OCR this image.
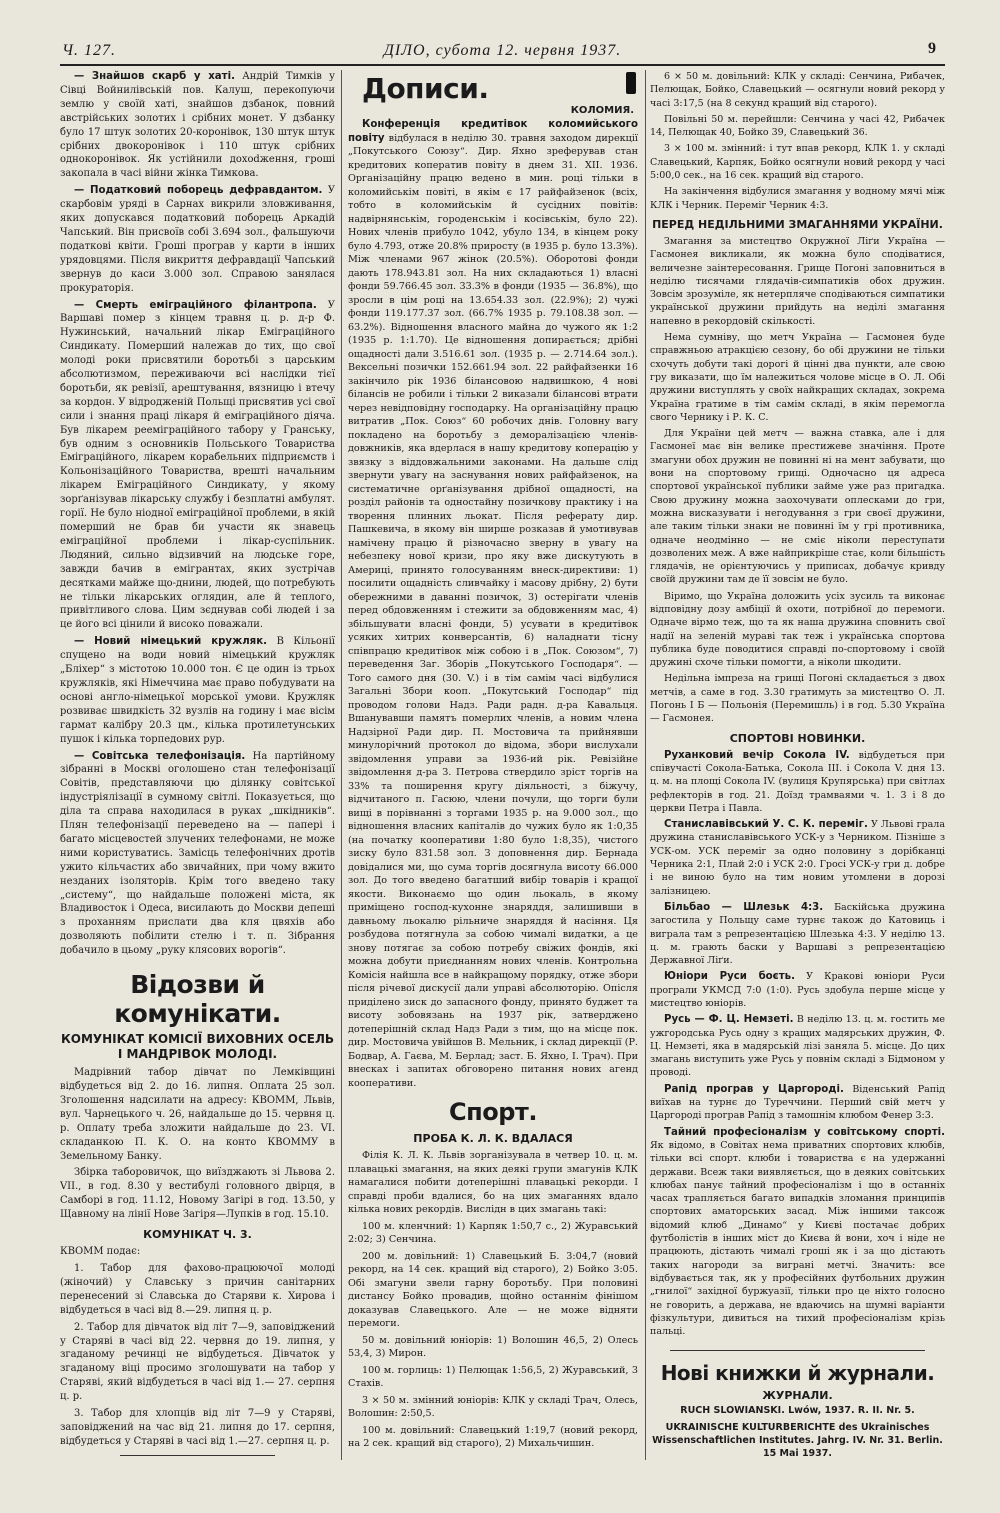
Ч. 127.	ДІЛО, субота 12. червня 1937.	9

— Знайшов скарб у хаті. Андрій Тимків у Сівці Войнилівській пов. Калуш, перекопуючи землю у своїй хаті, знайшов дзбанок, повний австрійських золотих і срібних монет. У дзбанку було 17 штук золотих 20-коронівок, 130 штук штук срібних двокоронівок і 110 штук срібних однокоронівок. Як устійнили дохodження, гроші закопала в часі війни жінка Тимкова.

— Податковий поборець дефравдантом. У скарбовім уряді в Сарнах викрили зловживання, яких допускався податковий поборець Аркадій Чапський. Він присвоїв собі 3.694 зол., фальшуючи податкові квіти. Гроші програв у карти в інших урядовцями. Після викриття дефравдації Чапський звернув до каси 3.000 зол. Справою занялася прокураторія.

— Смерть еміграційного філантропа. У Варшаві помер з кінцем травня ц. р. д-р Ф. Нужинський, начальний лікар Еміграційного Синдикату. Померший належав до тих, що свої молоді роки присвятили боротьбі з царським абсолютизмом, переживаючи всі наслідки тієї боротьби, як ревізії, арештування, вязницю і втечу за кордон. У відродженій Польщі присвятив усі свої сили і знання праці лікаря й еміграційного діяча. Був лікарем реемiграційного табору у Гранську, був одним з основників Польського Товариства Еміграційного, лікарем корабельних підприємств і Кольонізаційного Товариства, врешті начальним лікарем Еміграційного Синдикату, у якому зорґанізував лікарську службу і безплатні амбулят. горії. Не було ніодної еміграційної проблеми, в якій померший не брав би участи як знавець еміграційної проблеми і лікар-суспільник. Людяний, сильно відзивчий на людське горе, завжди бачив в емігрантах, яких зустрічав десятками майже що-днини, людей, що потребують не тільки лікарських оглядин, але й теплого, привітливого слова. Цим зєднував собі людей і за це його всі цінили й високо поважали.

— Новий німецький кружляк. В Кільонії спущено на води новий німецький кружляк „Бліхер“ з містотою 10.000 тон. Є це один із трьох кружляків, які Німеччина має право побудувати на основі англо-німецької морської умови. Кружляк розвиває швидкість 32 вузлів на годину і має вісім гармат калібру 20.3 цм., кілька протилетунських пушок і кілька торпедових рур.

— Совітська телефонізація. На партійному зібранні в Москві оголошено стан телефонізації Совітів, представляючи цю ділянку совітської індустріялізації в сумному світлі. Показується, що діла та справа находилася в руках „шкідників“. Плян телефонізації переведено на — папері і багато місцевостей злучених телефонами, не може ними користуватись. Замісць телефонічних дротів ужито кільчастих або звичайних, при чому вжито незданих ізоляторів. Крім того введено таку „систему“, що найдальше положені міста, як Владивосток і Одеса, висилають до Москви депеші з проханням прислати два кля цвяхів або дозволяють побілити стелю і т. п. Зібрання добачило в цьому „руку клясових ворогів“.

Відозви й комунікати.
КОМУНІКАТ КОМІСІЇ ВИХОВНИХ ОСЕЛЬ І МАНДРІВОК МОЛОДІ.

Мадрівний табор дівчат по Лемківщині відбудеться від 2. до 16. липня. Оплата 25 зол. Зголошення надсилати на адресу: КВОММ, Львів, вул. Чарнецького ч. 26, найдальше до 15. червня ц. р. Оплату треба зложити найдальше до 23. VI. складанкою П. К. О. на конто КВОММУ в Земельному Банку.

Збірка таборовичок, що виїзджають зі Львова 2. VII., в год. 8.30 у вестибулі головного двірця, в Самборі в год. 11.12, Новому Загірі в год. 13.50, у Щавному на лінії Нове Загіря—Лупків в год. 15.10.

КОМУНІКАТ Ч. 3.

КВОММ подає:

1. Табор для фахово-працюючої молоді (жіночий) у Славську з причин санітарних перенесений зі Славська до Старяви к. Хирова і відбудеться в часі від 8.—29. липня ц. р.

2. Табор для дівчаток від літ 7—9, заповіджений у Старяві в часі від 22. червня до 19. липня, у згаданому речинці не відбудеться. Дівчаток у згаданому віці просимо зголошувати на табор у Старяві, який відбудеться в часі від 1.— 27. серпня ц. р.

3. Табор для хлопців від літ 7—9 у Старяві, заповіджений на час від 21. липня до 17. серпня, відбудеться у Старяві в часі від 1.—27. серпня ц. р.

Дописи.
КОЛОМИЯ.

Конференція кредитівок коломийського повіту відбулася в неділю 30. травня заходом дирекції „Покутського Союзу“. Дир. Яхно зреферував стан кредитових коператив повіту в днем 31. XII. 1936. Організаційну працю ведено в мин. році тільки в коломийськім повіті, в якім є 17 райфайзенок (всіх, тобто в коломийськім й сусідних повітів: надвірнянськім, городенськім і косівськім, було 22). Нових членів прибуло 1042, убуло 134, в кінцем року було 4.793, отже 20.8% приросту (в 1935 р. було 13.3%). Між членами 967 жінок (20.5%). Оборотові фонди дають 178.943.81 зол. На них складаються 1) власні фонди 59.766.45 зол. 33.3% в фонди (1935 — 36.8%), що зросли в цім році на 13.654.33 зол. (22.9%); 2) чужі фонди 119.177.37 зол. (66.7% 1935 р. 79.108.38 зол. — 63.2%). Відношення власного майна до чужого як 1:2 (1935 р. 1:1.70). Це відношення допирається; дрібні ощадності дали 3.516.61 зол. (1935 р. — 2.714.64 зол.). Вексельні позички 152.661.94 зол. 22 райфайзенки 16 закінчило рік 1936 біланcовою надвишкою, 4 нові біланcів не робили і тільки 2 виказали біланcові втрати через невідповідну господарку. На організаційну працю витратив „Пок. Союз“ 60 робочих днів. Головну вагу покладено на боротьбу з деморалізацією членів-довжників, яка вдерлася в нашу кредитову коперацію у звязку з віддовжальними законами. На дальше слід звернути увагу на заснування нових райфайзенок, на систематичне орґанізування дрібної ощадності, на розділ районів та одностайну позичкову практику і на творення плинних льокат. Після реферату дир. Пашкевича, в якому він ширше розказав й умотивував наміченy працю й різночасно зверну в увагу на небезпеку нової кризи, про яку вже дискутують в Америці, принято голосуванням внеск-директиви: 1) посилити ощадність сливчайку і масову дрібну, 2) бути обережними в даванні позичок, 3) остерігати членів перед обдовженням і стежити за обдовженням мас, 4) збільшувати власні фонди, 5) усувати в кредитівок усяких хитрих конверсантів, 6) наладнати тісну співпрацю кредитівок між собою і в „Пок. Союзом“, 7) переведення Заг. Зборів „Покутського Господаря“. — Того самого дня (30. V.) і в тім самім часі відбулися Загальні Збори кооп. „Покутський Господар“ під проводом голови Надз. Ради радн. д-ра Кавальця. Вшанувавши памятъ померлих членів, а новим члена Надзірної Ради дир. П. Мостовича та прийнявши минулорічний протокол до відома, збори вислухали звідомлення управи за 1936-ий рік. Ревізійне звідомлення д-ра З. Петрова ствердило зріст торгів на 33% та поширення кругу діяльності, з біжучу, відчитаного п. Гасюю, члени почули, що торги були вищі в порівнанні з торгами 1935 р. на 9.000 зол., що відношення власних капіталів до чужих було як 1:0,35 (на початку кооперативи 1:80 було 1:8,35), чистого зиску було 831.58 зол. З доповнення дир. Бернада довідалися ми, що сума торгів досягнула висоту 66.000 зол. До того введено багатший вибір товарів і кращої якости. Виконаємо що один льокаль, в якому приміщено господ-кухонне знаряддя, залишивши в давньому льокалю рільниче знаряддя й насіння. Ця розбудова потягнула за собою чималі видатки, а це знову потягає за собою потребу свіжих фондів, які можна добути приєднанням нових членів. Контрольна Комісія найшла все в найкращому порядку, отже збори після річевої дискусії дали управі абсолюторію. Опісля приділено зиск до запасного фонду, принято буджет та висоту зобовязань на 1937 рік, затверджено дотеперішній склад Надз Ради з тим, що на місце пок. дир. Мостовича увійшов В. Мельник, і склад дирекції (Р. Бодвар, А. Гаєва, М. Берлад; заст. Б. Яхно, І. Трач). При внесках і запитах обговорено питання нових агенд кооперативи.

Спорт.
ПРОБА К. Л. К. ВДАЛАСЯ

Філія К. Л. К. Львів зорганізувала в четвер 10. ц. м. плавацькі змагання, на яких деякі групи змагунів КЛК намагалися побити дотеперішні плавацькі рекорди. І справді проби вдалися, бо на цих змаганнях вдало кілька нових рекордів. Вислідн в цих змагань такі:

100 м. кленчний: 1) Карпяк 1:50,7 с., 2) Журавський 2:02; 3) Сенчина.

200 м. довільний: 1) Славецький Б. 3:04,7 (новий рекорд, на 14 сек. кращий від старого), 2) Бойко 3:05. Обі змагуни звели гарну боротьбу. При половині дистансу Бойко провадив, щойно останнім фінішом доказував Славецького. Але — не може відняти перемоги.

50 м. довільний юніорів: 1) Волошин 46,5, 2) Олесь 53,4, 3) Мирон.

100 м. горлиць: 1) Пелющак 1:56,5, 2) Журавський, 3 Стахів.

3 × 50 м. змінний юніорів: КЛК у складі Трач, Олесь, Волошин: 2:50,5.

100 м. довільний: Славецький 1:19,7 (новий рекорд, на 2 сек. кращий від старого), 2) Михальчишин.

6 × 50 м. довільний: КЛК у складі: Сенчина, Рибачек, Пелющак, Бойко, Славецький — осягнули новий рекорд у часі 3:17,5 (на 8 секунд кращий від старого).

Повільні 50 м. перейшли: Сенчина у часі 42, Рибачек 14, Пелющак 40, Бойко 39, Славецький 36.

3 × 100 м. змінний: і тут впав рекорд, КЛК 1. у складі Славецький, Карпяк, Бойко осягнули новий рекорд у часі 5:00,0 сек., на 16 сек. кращий від старого.

На закінчення відбулися змагання у водному мячі між КЛК і Черник. Переміг Черник 4:3.

ПЕРЕД НЕДІЛЬНИМИ ЗМАГАННЯМИ УКРАЇНИ.

Змагання за мистецтво Окружної Ліґи Україна — Гасмонея викликали, як можна було сподіватися, величезне заінтересовання. Грище Погоні заповниться в неділю тисячами глядачів-симпатиків обох дружин. Зовсім зрозуміле, як нетерпляче сподіваються симпатики української дружини прийдуть на неділі змагання напевно в рекордовій скількості.

Нема сумніву, що метч Україна — Гасмонея буде справжньою атракцією сезону, бо обі дружини не тільки схочуть добути такі дорогі й цінні два пункти, але свою гру виказати, що їм належиться чолове місце в О. Л. Обі дружини виступлять у своїх найкращих складах, зокрема Україна гратиме в тім самім складі, в якім перемогла свого Чернику і Р. К. С.

Для України цей метч — важна ставка, але і для Гасмонеї має він велике престижеве значіння. Проте змагуни обох дружин не повинні ні на мент забувати, що вони на спортовому грищі. Одночасно ця адреса спортової української публики займе уже раз пригадка. Свою дружину можна заохочувати оплесками до гри, можна висказувати і негодування з гри своєї дружини, але таким тільки знаки не повинні їм у грі противника, одначе неодмінно — не сміє ніколи переступати дозволених меж. А вже найприкріше стає, коли більшість глядачів, не орієнтуючись у приписах, добачує кривду своїй дружини там де її зовсім не було.

Віримо, що Україна доложить усіх зусиль та виконає відповідну дозу амбіції й охоти, потрібної до перемоги. Одначе вірмо теж, що та як наша дружина сповнить свої надії на зеленій мураві так теж і українська спортова публика буде поводитися справді по-спортовому і своїй дружині схоче тільки помогти, а ніколи шкодити.

Недільна імпреза на грищі Погоні складається з двох метчів, а саме в год. 3.30 гратимуть за мистецтво О. Л. Погонь І Б — Польонія (Перемишль) і в год. 5.30 Україна — Гасмонея.

СПОРТОВІ НОВИНКИ.

Руханковий вечір Сокола IV. відбудеться при співучасті Сокола-Батька, Сокола III. і Сокола V. дня 13. ц. м. на площі Сокола IV. (вулиця Крупярська) при світлах рефлекторів в год. 21. Доїзд трамваями ч. 1. 3 і 8 до церкви Петра і Павла.

Станиславівський У. С. К. переміг. У Львові грала дружина станиславівського УСК-у з Черником. Пізніше з УСК-ом. УСК переміг за одно половину з дорібканці Черника 2:1, Плай 2:0 і УСК 2:0. Гросі УСК-у гри д. добре і не виною було на тим новим утомлени в дорозі залізницею.

Більбао — Шлезьк 4:3. Баскійська дружина загостила у Польщу саме турнє також до Катовиць і виграла там з репрезентацією Шлезька 4:3. У неділю 13. ц. м. грають баски у Варшаві з репрезентацією Державної Ліґи.

Юніори Руси боєть. У Кракові юніори Руси програли УКМСД 7:0 (1:0). Русь здобула перше місце у мистецтво юніорів.

Русь — Ф. Ц. Немзеті. В неділю 13. ц. м. гостить ме ужгородська Русь одну з кращих мадярських дружин, Ф. Ц. Немзеті, яка в мадярській лізі заняла 5. місце. До цих змагань виступить уже Русь у повнім складі з Бідмоном у проводі.

Рапід програв у Царгороді. Віденський Рапід виїхав на турнє до Туреччини. Перший свій метч у Царгороді програв Рапід з тамошнім клюбом Фенер 3:3.

Тайний професіоналізм у совітському спорті. Як відомо, в Совітах нема приватних спортових клюбів, тільки всі спорт. клюби і товариства є на удержанні держави. Всеж таки виявляється, що в деяких совітських клюбах панує тайний професіоналізм і що в останніх часах трапляється багато випадків зломання принципів спортових аматорських засад. Між іншими таксож відомий клюб „Динамо“ у Києві постачає добрих футболістів в інших міст до Києва й вони, хоч і ніде не працюють, дістають чималі гроші як і за що дістають таких нагороди за виграні метчі. Значить: все відбувається так, як у професійних футбольних дружин „гнилої“ західної буржуазії, тільки про це ніхто голосно не говорить, а держава, не вдаючись на шумні варіанти фізкультури, дивиться на тихий професіоналізм крізь пальці.

Нові книжки й журнали.
ЖУРНАЛИ.

RUCH SLOWIANSKI. Lwów, 1937. R. II. Nr. 5.

UKRAINISCHE KULTURBERICHTE des Ukrainisches Wissenschaftlichen Institutes. Jahrg. IV. Nr. 31. Berlin. 15 Mai 1937.
